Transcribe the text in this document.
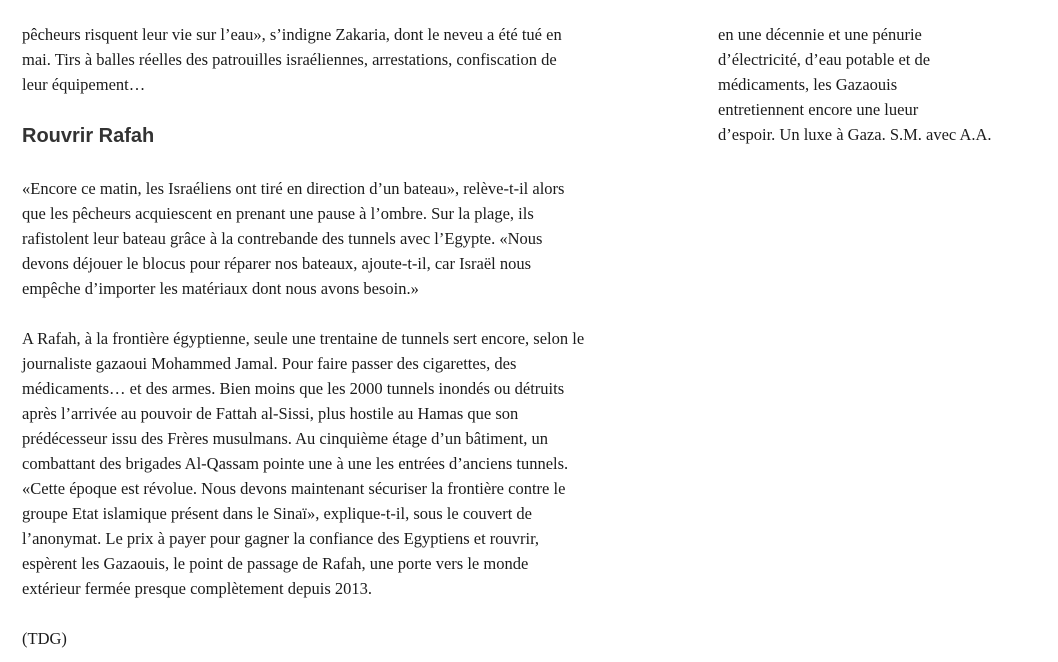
pêcheurs risquent leur vie sur l’eau», s’indigne Zakaria, dont le neveu a été tué en
mai. Tirs à balles réelles des patrouilles israéliennes, arrestations, confiscation de
leur équipement…
Rouvrir Rafah
«Encore ce matin, les Israéliens ont tiré en direction d’un bateau», relève-t-il alors
que les pêcheurs acquiescent en prenant une pause à l’ombre. Sur la plage, ils
rafistolent leur bateau grâce à la contrebande des tunnels avec l’Egypte. «Nous
devons déjouer le blocus pour réparer nos bateaux, ajoute-t-il, car Israël nous
empêche d’importer les matériaux dont nous avons besoin.»
A Rafah, à la frontière égyptienne, seule une trentaine de tunnels sert encore, selon le
journaliste gazaoui Mohammed Jamal. Pour faire passer des cigarettes, des
médicaments… et des armes. Bien moins que les 2000 tunnels inondés ou détruits
après l’arrivée au pouvoir de Fattah al-Sissi, plus hostile au Hamas que son
prédécesseur issu des Frères musulmans. Au cinquième étage d’un bâtiment, un
combattant des brigades Al-Qassam pointe une à une les entrées d’anciens tunnels.
«Cette époque est révolue. Nous devons maintenant sécuriser la frontière contre le
groupe Etat islamique présent dans le Sinaï», explique-t-il, sous le couvert de
l’anonymat. Le prix à payer pour gagner la confiance des Egyptiens et rouvrir,
espèrent les Gazaouis, le point de passage de Rafah, une porte vers le monde
extérieur fermée presque complètement depuis 2013.
(TDG)
en une décennie et une pénurie
d’électricité, d’eau potable et de
médicaments, les Gazaouis
entretiennent encore une lueur
d’espoir. Un luxe à Gaza. S.M. avec A.A.
